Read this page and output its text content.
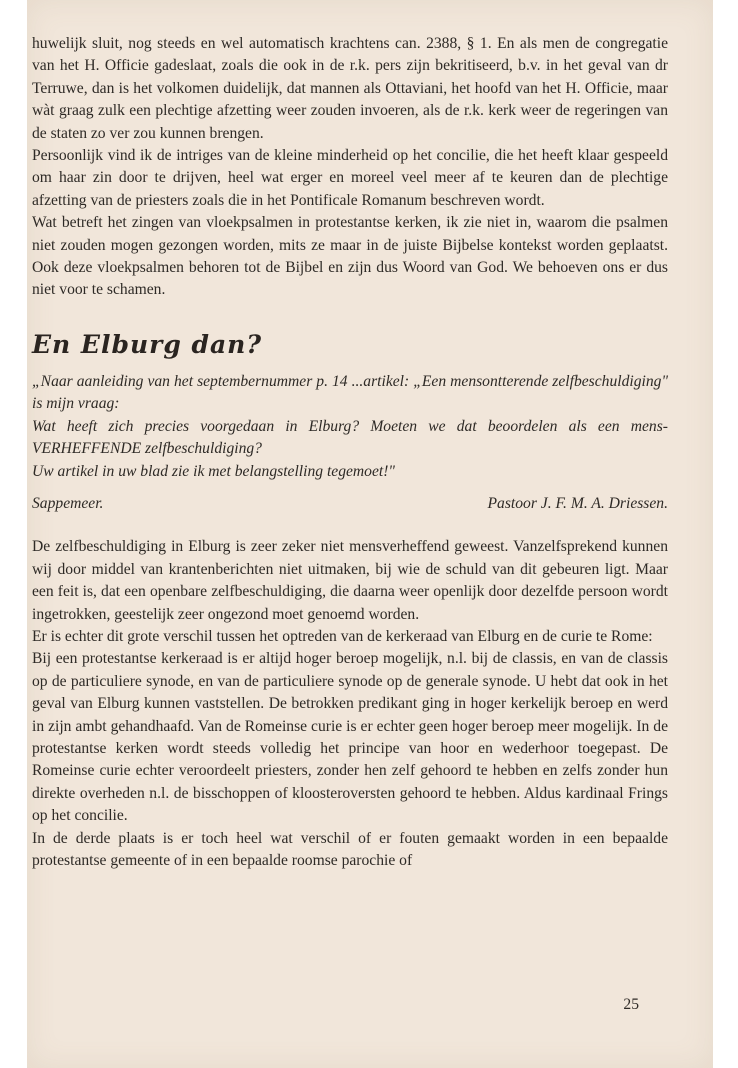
huwelijk sluit, nog steeds en wel automatisch krachtens can. 2388, § 1. En als men de congregatie van het H. Officie gadeslaat, zoals die ook in de r.k. pers zijn bekritiseerd, b.v. in het geval van dr Terruwe, dan is het volkomen duidelijk, dat mannen als Ottaviani, het hoofd van het H. Officie, maar wàt graag zulk een plechtige afzetting weer zouden invoeren, als de r.k. kerk weer de regeringen van de staten zo ver zou kunnen brengen.

Persoonlijk vind ik de intriges van de kleine minderheid op het concilie, die het heeft klaar gespeeld om haar zin door te drijven, heel wat erger en moreel veel meer af te keuren dan de plechtige afzetting van de priesters zoals die in het Pontificale Romanum beschreven wordt.

Wat betreft het zingen van vloekpsalmen in protestantse kerken, ik zie niet in, waarom die psalmen niet zouden mogen gezongen worden, mits ze maar in de juiste Bijbelse kontekst worden geplaatst. Ook deze vloekpsalmen behoren tot de Bijbel en zijn dus Woord van God. We behoeven ons er dus niet voor te schamen.

En Elburg dan?

„Naar aanleiding van het septembernummer p. 14 ...artikel: „Een mensontterende zelfbeschuldiging" is mijn vraag:

Wat heeft zich precies voorgedaan in Elburg? Moeten we dat beoordelen als een mens-VERHEFFENDE zelfbeschuldiging?

Uw artikel in uw blad zie ik met belangstelling tegemoet!"

Sappemeer.	Pastoor J. F. M. A. Driessen.

De zelfbeschuldiging in Elburg is zeer zeker niet mensverheffend geweest. Vanzelfsprekend kunnen wij door middel van krantenberichten niet uitmaken, bij wie de schuld van dit gebeuren ligt. Maar een feit is, dat een openbare zelfbeschuldiging, die daarna weer openlijk door dezelfde persoon wordt ingetrokken, geestelijk zeer ongezond moet genoemd worden.

Er is echter dit grote verschil tussen het optreden van de kerkeraad van Elburg en de curie te Rome:

Bij een protestantse kerkeraad is er altijd hoger beroep mogelijk, n.l. bij de classis, en van de classis op de particuliere synode, en van de particuliere synode op de generale synode. U hebt dat ook in het geval van Elburg kunnen vaststellen. De betrokken predikant ging in hoger kerkelijk beroep en werd in zijn ambt gehandhaafd. Van de Romeinse curie is er echter geen hoger beroep meer mogelijk. In de protestantse kerken wordt steeds volledig het principe van hoor en wederhoor toegepast. De Romeinse curie echter veroordeelt priesters, zonder hen zelf gehoord te hebben en zelfs zonder hun direkte overheden n.l. de bisschoppen of kloosteroversten gehoord te hebben. Aldus kardinaal Frings op het concilie.

In de derde plaats is er toch heel wat verschil of er fouten gemaakt worden in een bepaalde protestantse gemeente of in een bepaalde roomse parochie of

25
